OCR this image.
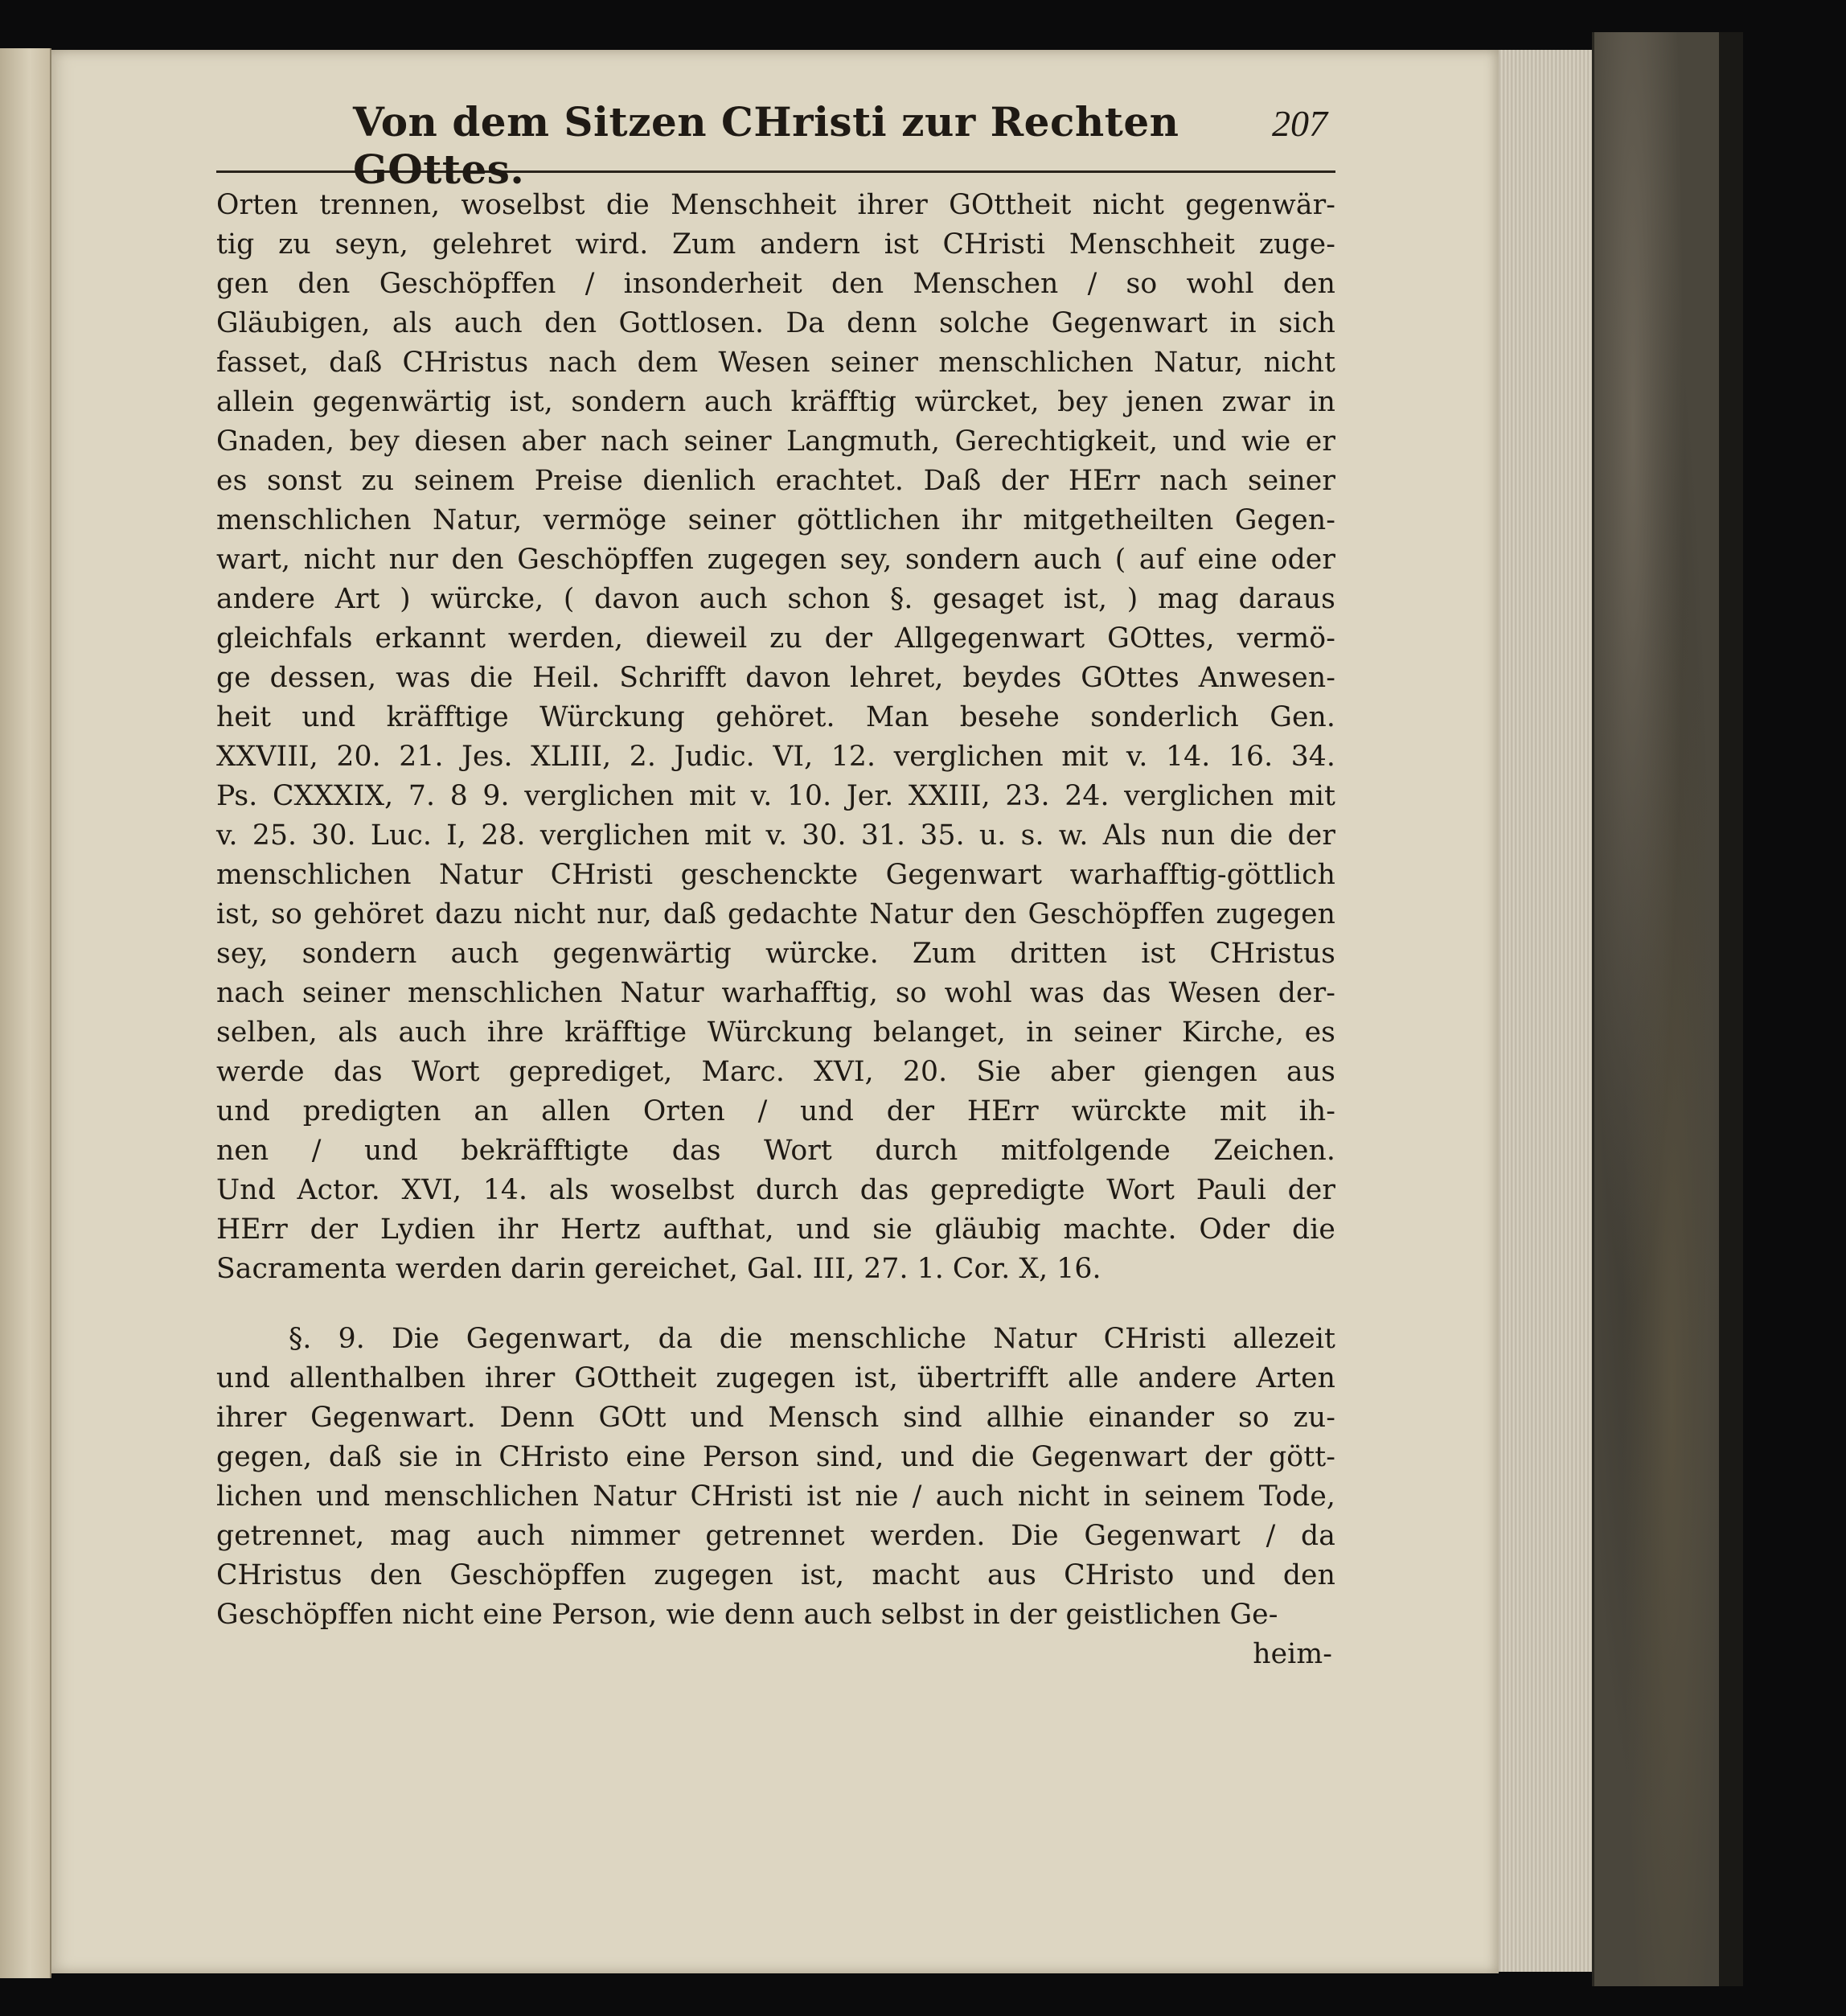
Von dem Sitzen CHristi zur Rechten GOttes.
207
Orten trennen, woselbst die Menschheit ihrer GOttheit nicht gegenwär-
tig zu seyn, gelehret wird. Zum andern ist CHristi Menschheit zuge-
gen den Geschöpffen / insonderheit den Menschen / so wohl den
Gläubigen, als auch den Gottlosen. Da denn solche Gegenwart in sich
fasset, daß CHristus nach dem Wesen seiner menschlichen Natur, nicht
allein gegenwärtig ist, sondern auch kräfftig würcket, bey jenen zwar in
Gnaden, bey diesen aber nach seiner Langmuth, Gerechtigkeit, und wie er
es sonst zu seinem Preise dienlich erachtet. Daß der HErr nach seiner
menschlichen Natur, vermöge seiner göttlichen ihr mitgetheilten Gegen-
wart, nicht nur den Geschöpffen zugegen sey, sondern auch ( auf eine oder
andere Art ) würcke, ( davon auch schon §. gesaget ist, ) mag daraus
gleichfals erkannt werden, dieweil zu der Allgegenwart GOttes, vermö-
ge dessen, was die Heil. Schrifft davon lehret, beydes GOttes Anwesen-
heit und kräfftige Würckung gehöret. Man besehe sonderlich Gen.
XXVIII, 20. 21. Jes. XLIII, 2. Judic. VI, 12. verglichen mit v. 14. 16. 34.
Ps. CXXXIX, 7. 8 9. verglichen mit v. 10. Jer. XXIII, 23. 24. verglichen mit
v. 25. 30. Luc. I, 28. verglichen mit v. 30. 31. 35. u. s. w. Als nun die der
menschlichen Natur CHristi geschenckte Gegenwart warhafftig-göttlich
ist, so gehöret dazu nicht nur, daß gedachte Natur den Geschöpffen zugegen
sey, sondern auch gegenwärtig würcke. Zum dritten ist CHristus
nach seiner menschlichen Natur warhafftig, so wohl was das Wesen der-
selben, als auch ihre kräfftige Würckung belanget, in seiner Kirche, es
werde das Wort geprediget, Marc. XVI, 20. Sie aber giengen aus
und predigten an allen Orten / und der HErr würckte mit ih-
nen / und bekräfftigte das Wort durch mitfolgende Zeichen.
Und Actor. XVI, 14. als woselbst durch das gepredigte Wort Pauli der
HErr der Lydien ihr Hertz aufthat, und sie gläubig machte. Oder die
Sacramenta werden darin gereichet, Gal. III, 27. 1. Cor. X, 16.
§. 9. Die Gegenwart, da die menschliche Natur CHristi allezeit
und allenthalben ihrer GOttheit zugegen ist, übertrifft alle andere Arten
ihrer Gegenwart. Denn GOtt und Mensch sind allhie einander so zu-
gegen, daß sie in CHristo eine Person sind, und die Gegenwart der gött-
lichen und menschlichen Natur CHristi ist nie / auch nicht in seinem Tode,
getrennet, mag auch nimmer getrennet werden. Die Gegenwart / da
CHristus den Geschöpffen zugegen ist, macht aus CHristo und den
Geschöpffen nicht eine Person, wie denn auch selbst in der geistlichen Ge-
heim-
